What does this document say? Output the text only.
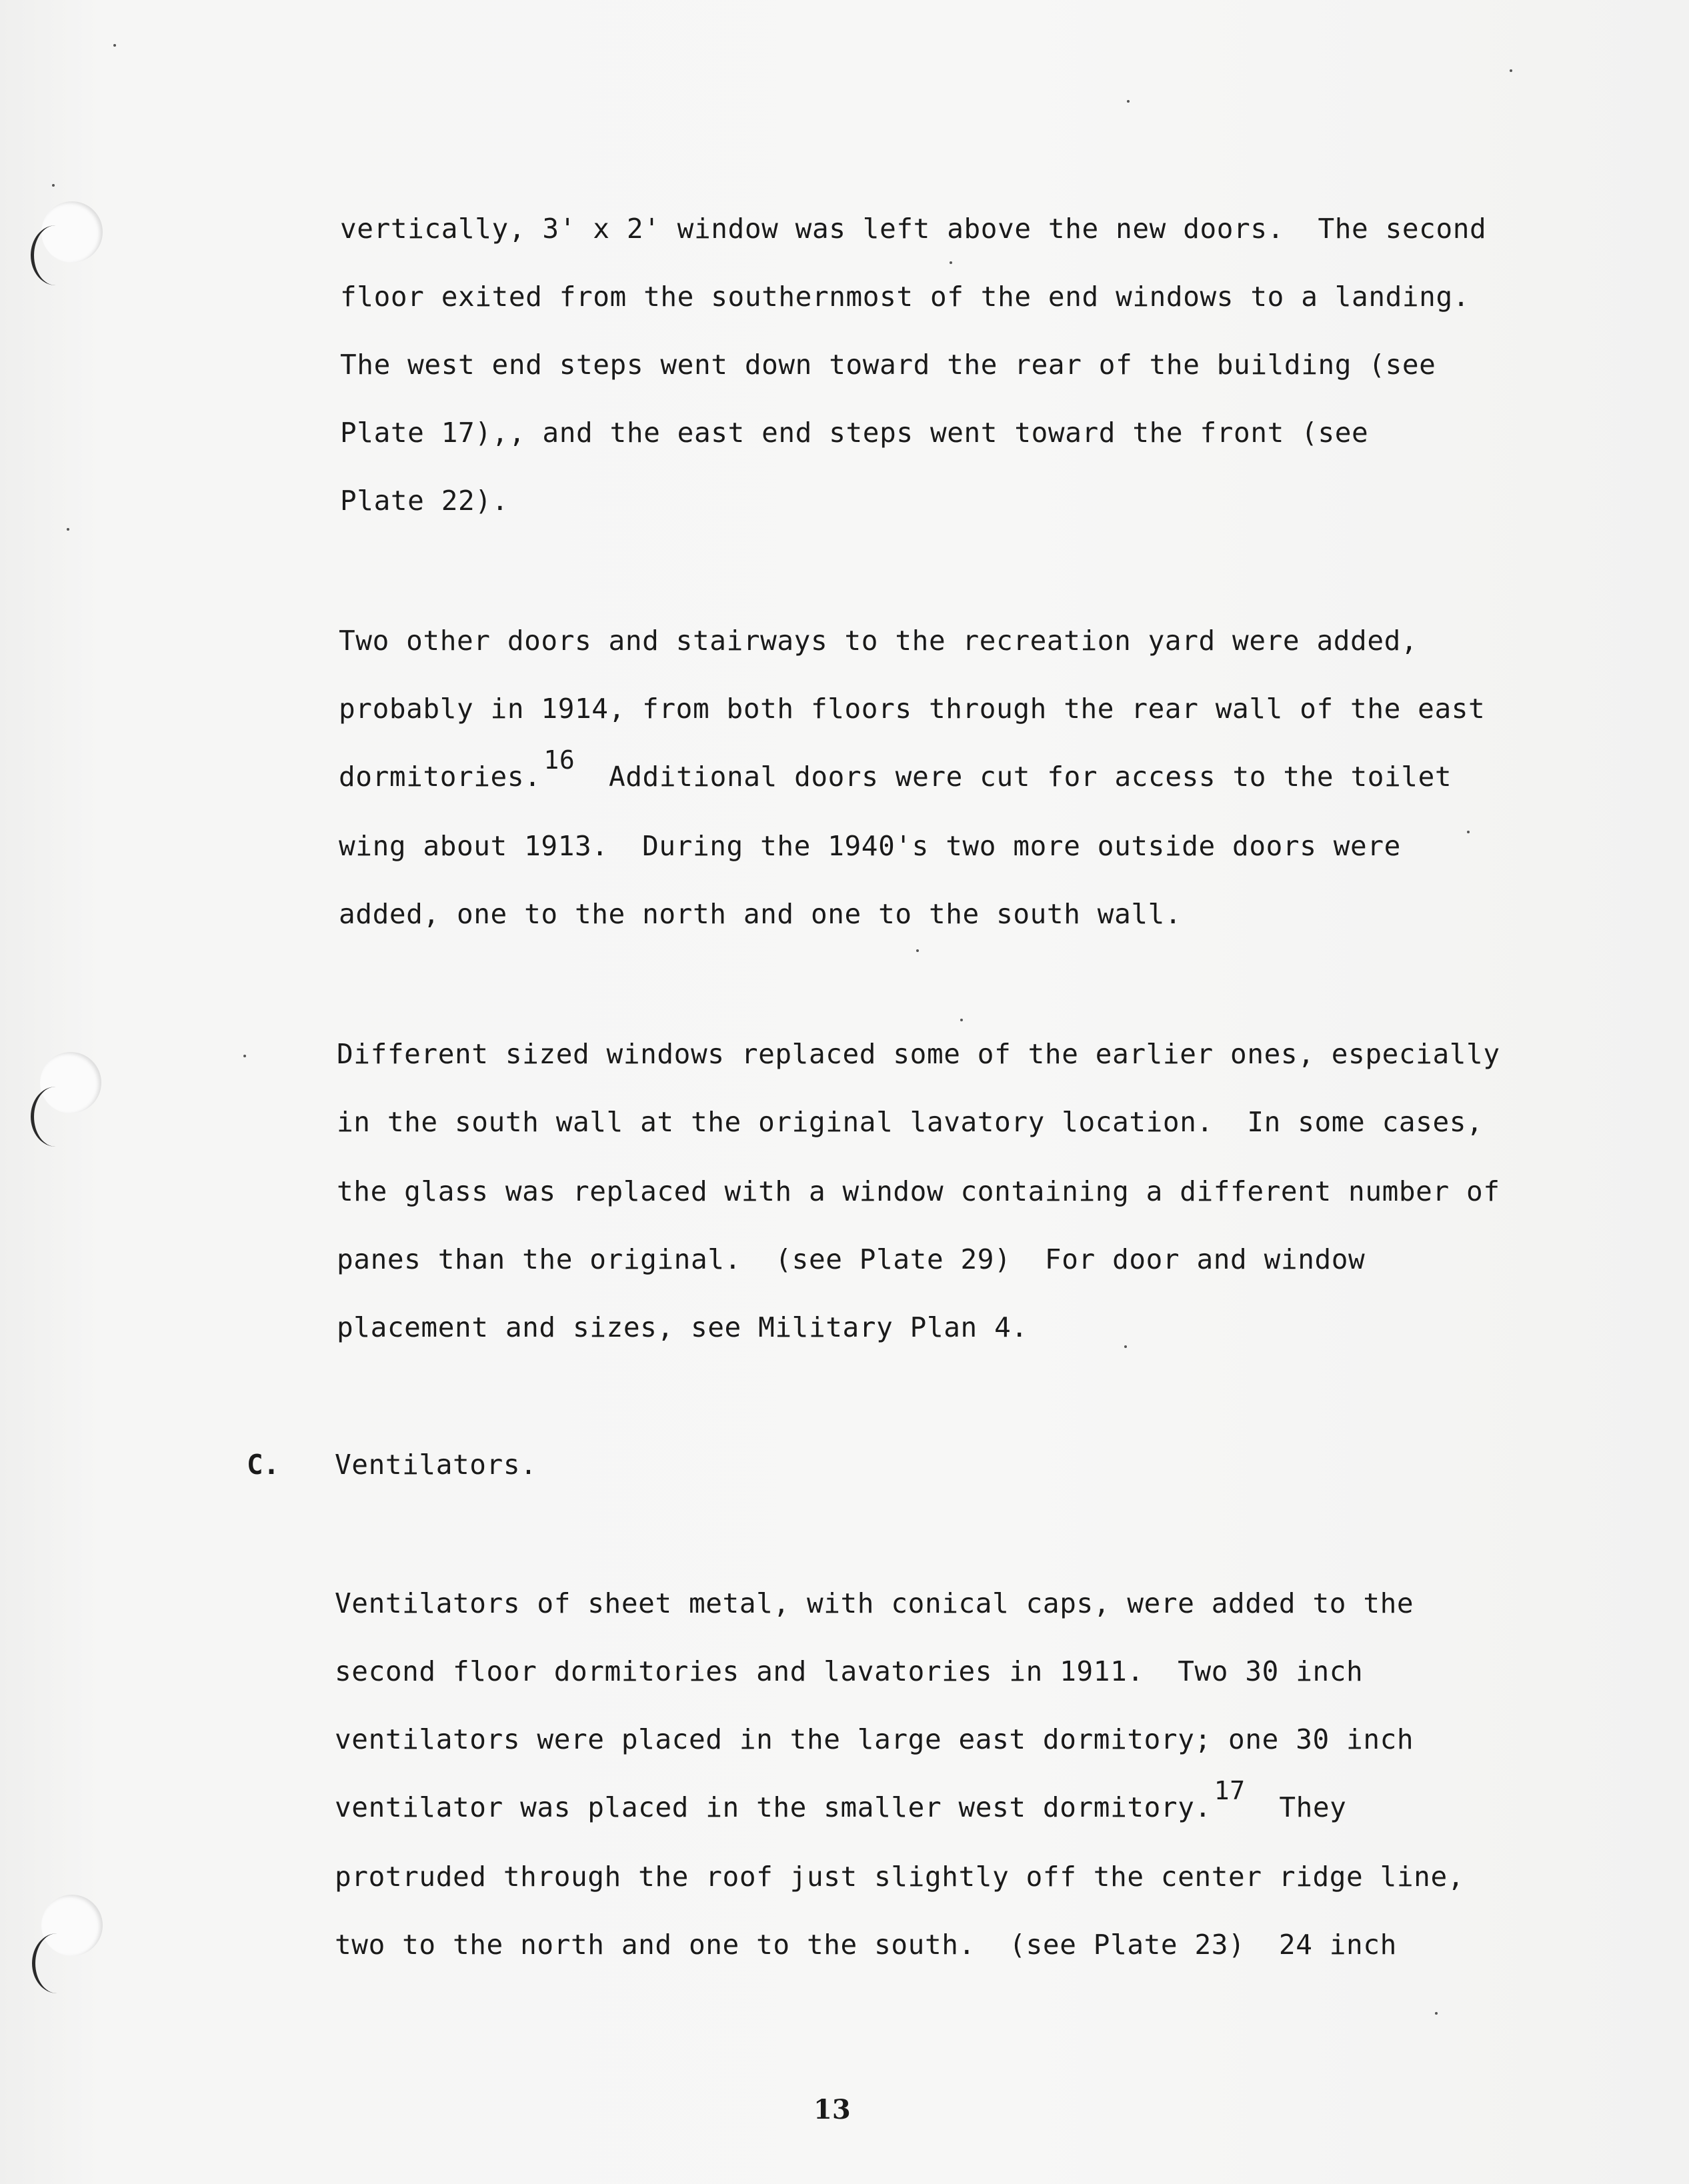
vertically, 3' x 2' window was left above the new doors.  The second
floor exited from the southernmost of the end windows to a landing.
The west end steps went down toward the rear of the building (see
Plate 17),, and the east end steps went toward the front (see
Plate 22).
Two other doors and stairways to the recreation yard were added,
probably in 1914, from both floors through the rear wall of the east
dormitories.16  Additional doors were cut for access to the toilet
wing about 1913.  During the 1940's two more outside doors were
added, one to the north and one to the south wall.
Different sized windows replaced some of the earlier ones, especially
in the south wall at the original lavatory location.  In some cases,
the glass was replaced with a window containing a different number of
panes than the original.  (see Plate 29)  For door and window
placement and sizes, see Military Plan 4.
C. Ventilators.
Ventilators of sheet metal, with conical caps, were added to the
second floor dormitories and lavatories in 1911.  Two 30 inch
ventilators were placed in the large east dormitory; one 30 inch
ventilator was placed in the smaller west dormitory.17  They
protruded through the roof just slightly off the center ridge line,
two to the north and one to the south.  (see Plate 23)  24 inch
13
